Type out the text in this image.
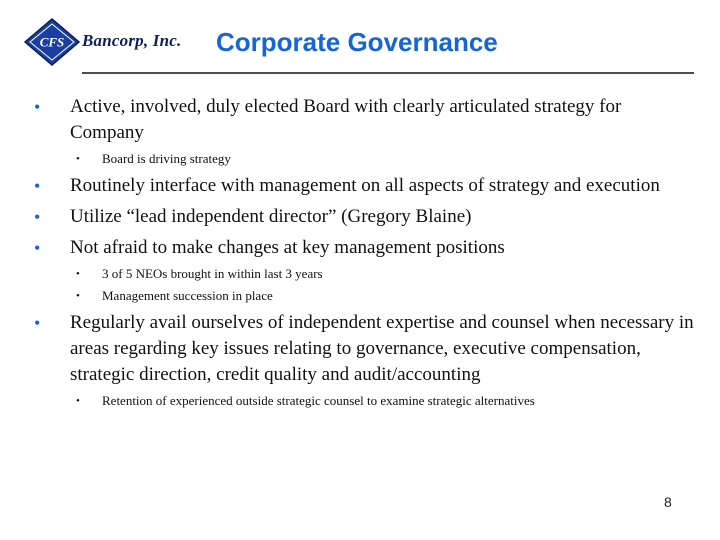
CFS Bancorp, Inc. Corporate Governance
• Active, involved, duly elected Board with clearly articulated strategy for Company
• Board is driving strategy
• Routinely interface with management on all aspects of strategy and execution
• Utilize “lead independent director” (Gregory Blaine)
• Not afraid to make changes at key management positions
• 3 of 5 NEOs brought in within last 3 years
• Management succession in place
• Regularly avail ourselves of independent expertise and counsel when necessary in areas regarding key issues relating to governance, executive compensation, strategic direction, credit quality and audit/accounting
• Retention of experienced outside strategic counsel to examine strategic alternatives
8
